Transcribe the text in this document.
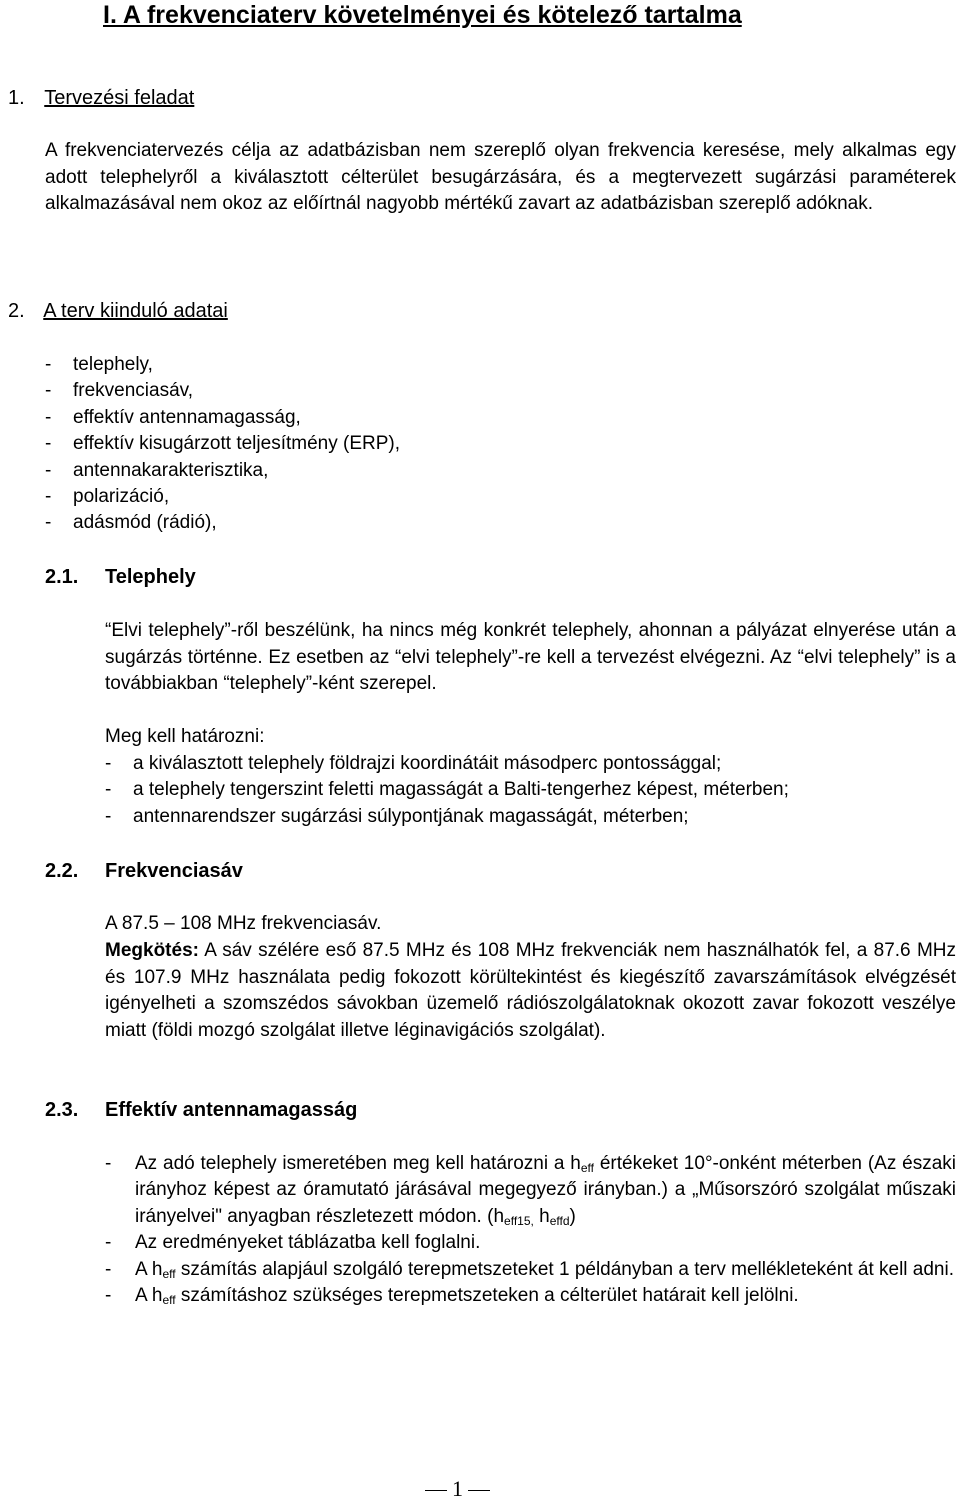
I. A frekvenciaterv követelményei és kötelező tartalma
1. Tervezési feladat

A frekvenciatervezés célja az adatbázisban nem szereplő olyan frekvencia keresése, mely alkalmas egy adott telephelyről a kiválasztott célterület besugárzására, és a megtervezett sugárzási paraméterek alkalmazásával nem okoz az előírtnál nagyobb mértékű zavart az adatbázisban szereplő adóknak.

2. A terv kiinduló adatai
- telephely,
- frekvenciasáv,
- effektív antennamagasság,
- effektív kisugárzott teljesítmény (ERP),
- antennakarakterisztika,
- polarizáció,
- adásmód (rádió),
2.1. Telephely

“Elvi telephely”-ről beszélünk, ha nincs még konkrét telephely, ahonnan a pályázat elnyerése után a sugárzás történne. Ez esetben az “elvi telephely”-re kell a tervezést elvégezni. Az “elvi telephely” is a továbbiakban “telephely”-ként szerepel.

Meg kell határozni:
- a kiválasztott telephely földrajzi koordinátáit másodperc pontossággal;
- a telephely tengerszint feletti magasságát a Balti-tengerhez képest, méterben;
- antennarendszer sugárzási súlypontjának magasságát, méterben;
2.2. Frekvenciasáv
A 87.5 – 108 MHz frekvenciasáv.

Megkötés: A sáv szélére eső 87.5 MHz és 108 MHz frekvenciák nem használhatók fel, a 87.6 MHz és 107.9 MHz használata pedig fokozott körültekintést és kiegészítő zavarszámítások elvégzését igényelheti a szomszédos sávokban üzemelő rádiószolgálatoknak okozott zavar fokozott veszélye miatt (földi mozgó szolgálat illetve léginavigációs szolgálat).

2.3. Effektív antennamagasság
-	Az adó telephely ismeretében meg kell határozni a $h_{eff}$ értékeket 10°-onként méterben (Az északi irányhoz képest az óramutató járásával megegyező irányban.) a „Műsorszóró szolgálat műszaki irányelvei" anyagban részletezett módon. ($h_{eff15,}$ $h_{effd}$)
-	Az eredményeket táblázatba kell foglalni.
-	A $h_{eff}$ számítás alapjául szolgáló terepmetszeteket 1 példányban a terv mellékleteként át kell adni.
-	A $h_{eff}$ számításhoz szükséges terepmetszeteken a célterület határait kell jelölni.
1
